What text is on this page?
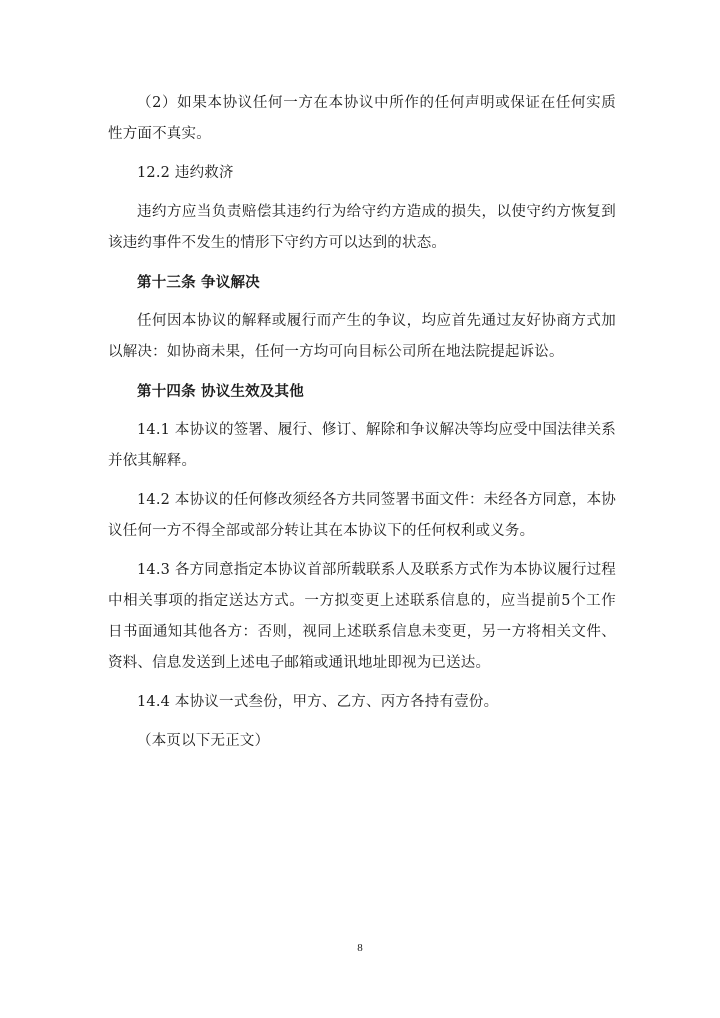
（2）如果本协议任何一方在本协议中所作的任何声明或保证在任何实质性方面不真实。

12.2 违约救济

违约方应当负责赔偿其违约行为给守约方造成的损失，以使守约方恢复到该违约事件不发生的情形下守约方可以达到的状态。

第十三条 争议解决

任何因本协议的解释或履行而产生的争议，均应首先通过友好协商方式加以解决：如协商未果，任何一方均可向目标公司所在地法院提起诉讼。

第十四条 协议生效及其他

14.1 本协议的签署、履行、修订、解除和争议解决等均应受中国法律关系并依其解释。

14.2 本协议的任何修改须经各方共同签署书面文件：未经各方同意，本协议任何一方不得全部或部分转让其在本协议下的任何权利或义务。

14.3 各方同意指定本协议首部所载联系人及联系方式作为本协议履行过程中相关事项的指定送达方式。一方拟变更上述联系信息的，应当提前5个工作日书面通知其他各方：否则，视同上述联系信息未变更，另一方将相关文件、资料、信息发送到上述电子邮箱或通讯地址即视为已送达。

14.4 本协议一式叁份，甲方、乙方、丙方各持有壹份。

（本页以下无正文）

8
